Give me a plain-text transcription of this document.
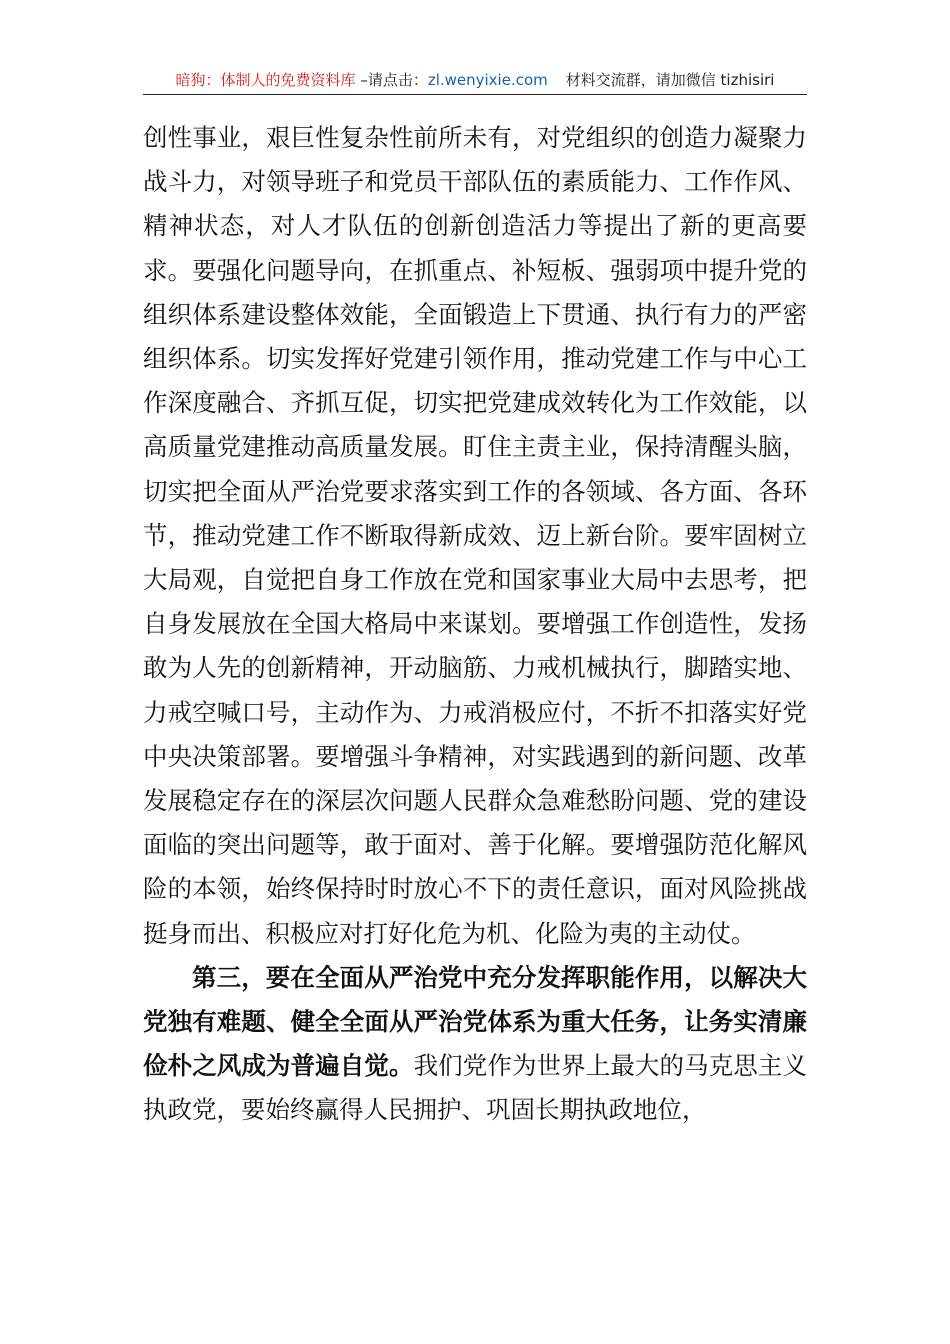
暗狗：体制人的免费资料库 –请点击：zl.wenyixie.com 材料交流群，请加微信 tizhisiri

创性事业，艰巨性复杂性前所未有，对党组织的创造力凝聚力战斗力，对领导班子和党员干部队伍的素质能力、工作作风、精神状态，对人才队伍的创新创造活力等提出了新的更高要求。要强化问题导向，在抓重点、补短板、强弱项中提升党的组织体系建设整体效能，全面锻造上下贯通、执行有力的严密组织体系。切实发挥好党建引领作用，推动党建工作与中心工作深度融合、齐抓互促，切实把党建成效转化为工作效能，以高质量党建推动高质量发展。盯住主责主业，保持清醒头脑，切实把全面从严治党要求落实到工作的各领域、各方面、各环节，推动党建工作不断取得新成效、迈上新台阶。要牢固树立大局观，自觉把自身工作放在党和国家事业大局中去思考，把自身发展放在全国大格局中来谋划。要增强工作创造性，发扬敢为人先的创新精神，开动脑筋、力戒机械执行，脚踏实地、力戒空喊口号，主动作为、力戒消极应付，不折不扣落实好党中央决策部署。要增强斗争精神，对实践遇到的新问题、改革发展稳定存在的深层次问题人民群众急难愁盼问题、党的建设面临的突出问题等，敢于面对、善于化解。要增强防范化解风险的本领，始终保持时时放心不下的责任意识，面对风险挑战挺身而出、积极应对打好化危为机、化险为夷的主动仗。

第三，要在全面从严治党中充分发挥职能作用，以解决大党独有难题、健全全面从严治党体系为重大任务，让务实清廉俭朴之风成为普遍自觉。我们党作为世界上最大的马克思主义执政党，要始终赢得人民拥护、巩固长期执政地位，
